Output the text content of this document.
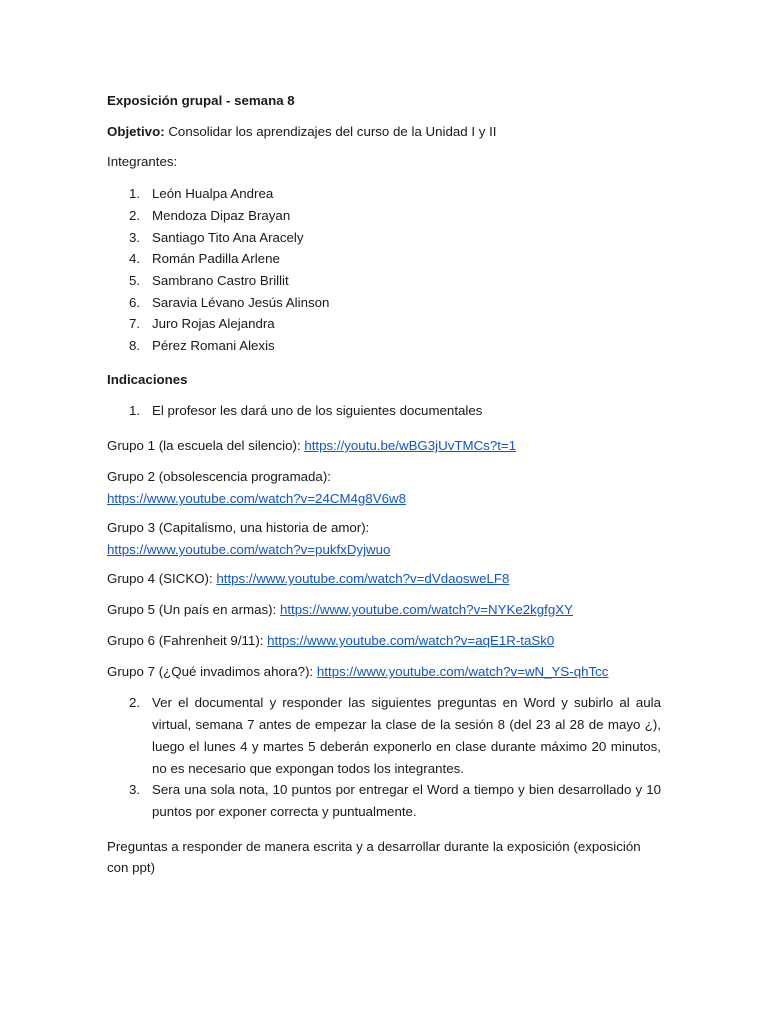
Exposición grupal - semana 8
Objetivo: Consolidar los aprendizajes del curso de la Unidad I y II
Integrantes:
1. León Hualpa Andrea
2. Mendoza Dipaz Brayan
3. Santiago Tito Ana Aracely
4. Román Padilla Arlene
5. Sambrano Castro Brillit
6. Saravia Lévano Jesús Alinson
7. Juro Rojas Alejandra
8. Pérez Romani Alexis
Indicaciones
1. El profesor les dará uno de los siguientes documentales
Grupo 1 (la escuela del silencio): https://youtu.be/wBG3jUvTMCs?t=1
Grupo 2 (obsolescencia programada):
https://www.youtube.com/watch?v=24CM4g8V6w8
Grupo 3 (Capitalismo, una historia de amor):
https://www.youtube.com/watch?v=pukfxDyjwuo
Grupo 4 (SICKO): https://www.youtube.com/watch?v=dVdaosweLF8
Grupo 5 (Un país en armas): https://www.youtube.com/watch?v=NYKe2kgfgXY
Grupo 6 (Fahrenheit 9/11): https://www.youtube.com/watch?v=aqE1R-taSk0
Grupo 7 (¿Qué invadimos ahora?): https://www.youtube.com/watch?v=wN_YS-qhTcc
2. Ver el documental y responder las siguientes preguntas en Word y subirlo al aula virtual, semana 7 antes de empezar la clase de la sesión 8 (del 23 al 28 de mayo ¿), luego el lunes 4 y martes 5 deberán exponerlo en clase durante máximo 20 minutos, no es necesario que expongan todos los integrantes.
3. Sera una sola nota, 10 puntos por entregar el Word a tiempo y bien desarrollado y 10 puntos por exponer correcta y puntualmente.
Preguntas a responder de manera escrita y a desarrollar durante la exposición (exposición con ppt)
